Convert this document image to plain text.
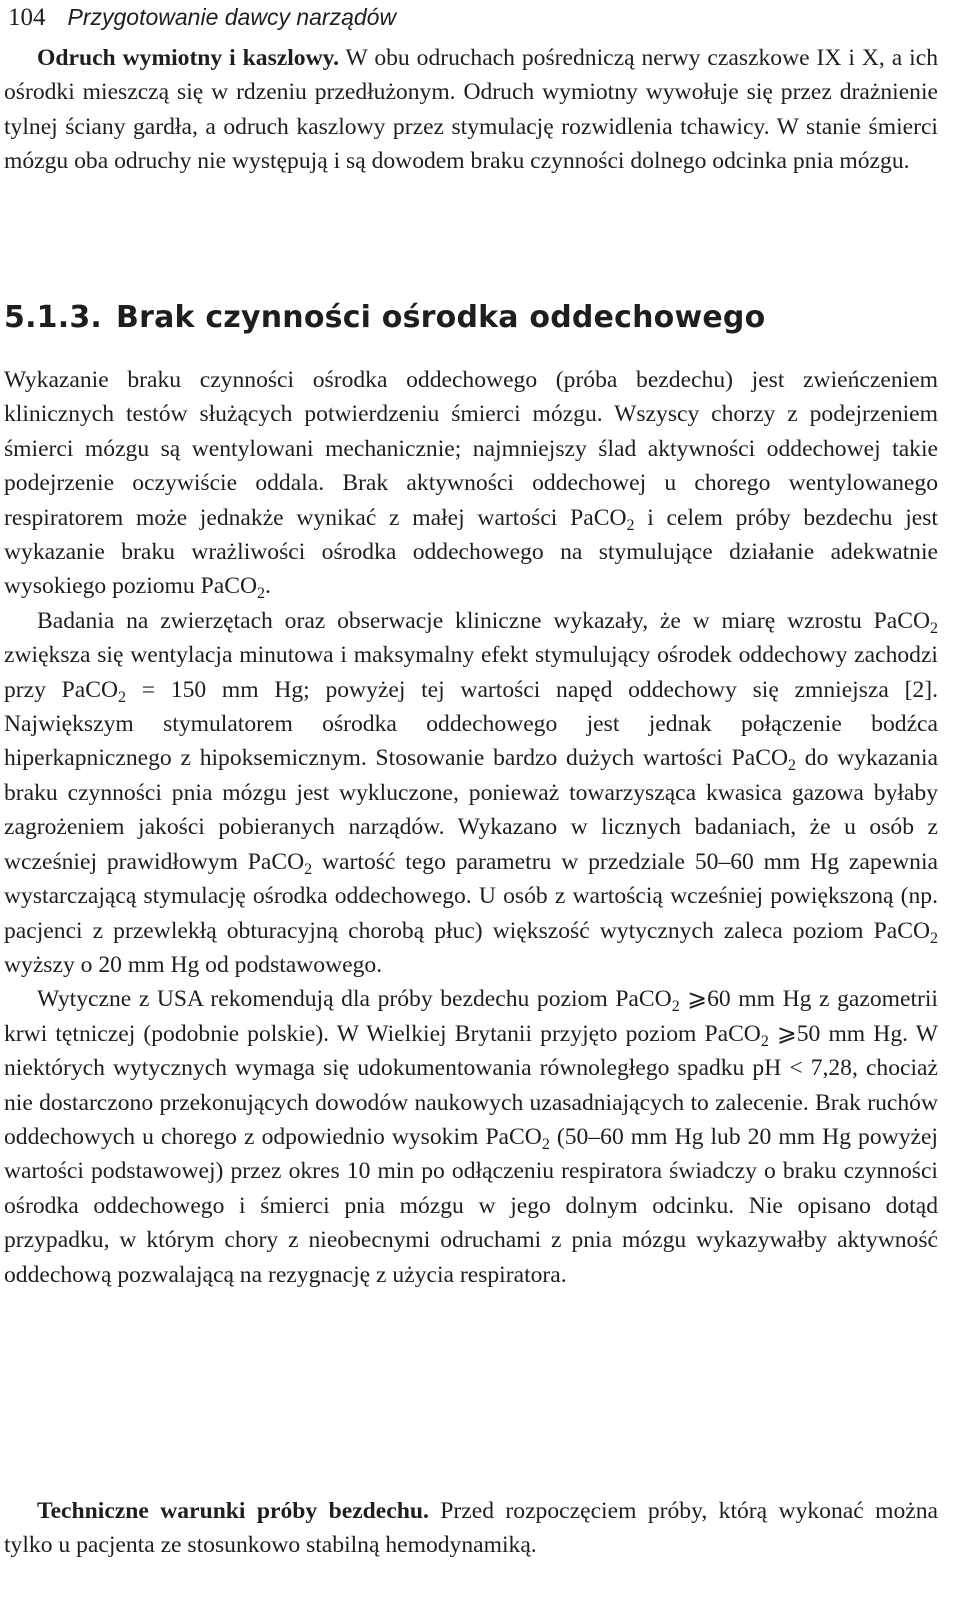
104 Przygotowanie dawcy narządów

Odruch wymiotny i kaszlowy. W obu odruchach pośredniczą nerwy czaszkowe IX i X, a ich ośrodki mieszczą się w rdzeniu przedłużonym. Odruch wymiotny wywołuje się przez drażnienie tylnej ściany gardła, a odruch kaszlowy przez stymulację rozwidlenia tchawicy. W stanie śmierci mózgu oba odruchy nie występują i są dowodem braku czynności dolnego odcinka pnia mózgu.

5.1.3. Brak czynności ośrodka oddechowego

Wykazanie braku czynności ośrodka oddechowego (próba bezdechu) jest zwieńczeniem klinicznych testów służących potwierdzeniu śmierci mózgu. Wszyscy chorzy z podejrzeniem śmierci mózgu są wentylowani mechanicznie; najmniejszy ślad aktywności oddechowej takie podejrzenie oczywiście oddala. Brak aktywności oddechowej u chorego wentylowanego respiratorem może jednakże wynikać z małej wartości PaCO$_2$ i celem próby bezdechu jest wykazanie braku wrażliwości ośrodka oddechowego na stymulujące działanie adekwatnie wysokiego poziomu PaCO$_2$.

Badania na zwierzętach oraz obserwacje kliniczne wykazały, że w miarę wzrostu PaCO$_2$ zwiększa się wentylacja minutowa i maksymalny efekt stymulujący ośrodek oddechowy zachodzi przy PaCO$_2$ = 150 mm Hg; powyżej tej wartości napęd oddechowy się zmniejsza [2]. Największym stymulatorem ośrodka oddechowego jest jednak połączenie bodźca hiperkapnicznego z hipoksemicznym. Stosowanie bardzo dużych wartości PaCO$_2$ do wykazania braku czynności pnia mózgu jest wykluczone, ponieważ towarzysząca kwasica gazowa byłaby zagrożeniem jakości pobieranych narządów. Wykazano w licznych badaniach, że u osób z wcześniej prawidłowym PaCO$_2$ wartość tego parametru w przedziale 50–60 mm Hg zapewnia wystarczającą stymulację ośrodka oddechowego. U osób z wartością wcześniej powiększoną (np. pacjenci z przewlekłą obturacyjną chorobą płuc) większość wytycznych zaleca poziom PaCO$_2$ wyższy o 20 mm Hg od podstawowego.

Wytyczne z USA rekomendują dla próby bezdechu poziom PaCO$_2$ ⩾60 mm Hg z gazometrii krwi tętniczej (podobnie polskie). W Wielkiej Brytanii przyjęto poziom PaCO$_2$ ⩾50 mm Hg. W niektórych wytycznych wymaga się udokumentowania równoległego spadku pH < 7,28, chociaż nie dostarczono przekonujących dowodów naukowych uzasadniających to zalecenie. Brak ruchów oddechowych u chorego z odpowiednio wysokim PaCO$_2$ (50–60 mm Hg lub 20 mm Hg powyżej wartości podstawowej) przez okres 10 min po odłączeniu respiratora świadczy o braku czynności ośrodka oddechowego i śmierci pnia mózgu w jego dolnym odcinku. Nie opisano dotąd przypadku, w którym chory z nieobecnymi odruchami z pnia mózgu wykazywałby aktywność oddechową pozwalającą na rezygnację z użycia respiratora.

Techniczne warunki próby bezdechu. Przed rozpoczęciem próby, którą wykonać można tylko u pacjenta ze stosunkowo stabilną hemodynamiką.
